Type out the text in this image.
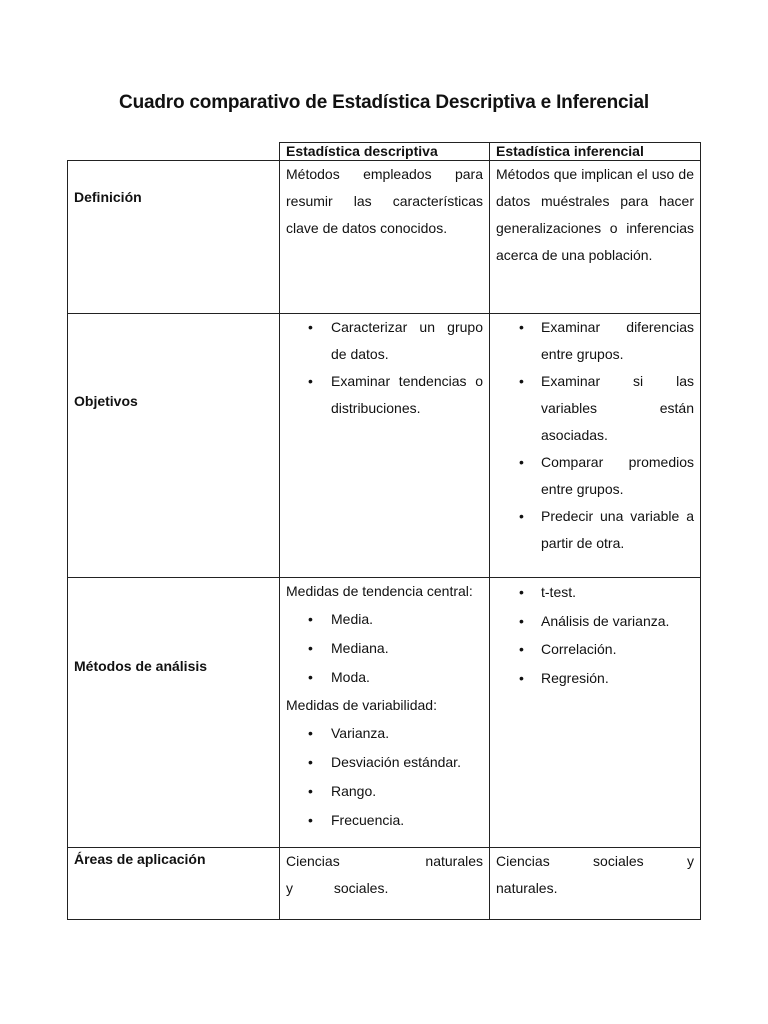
Cuadro comparativo de Estadística Descriptiva e Inferencial
Estadística descriptiva	Estadística inferencial
Definición
Métodos empleados para resumir las características clave de datos conocidos.
Métodos que implican el uso de datos muéstrales para hacer generalizaciones o inferencias acerca de una población.
Objetivos
• Caracterizar un grupo de datos.
• Examinar tendencias o distribuciones.
• Examinar diferencias entre grupos.
• Examinar si las variables están asociadas.
• Comparar promedios entre grupos.
• Predecir una variable a partir de otra.
Métodos de análisis
Medidas de tendencia central:
• Media.
• Mediana.
• Moda.
Medidas de variabilidad:
• Varianza.
• Desviación estándar.
• Rango.
• Frecuencia.
• t-test.
• Análisis de varianza.
• Correlación.
• Regresión.
Áreas de aplicación	Ciencias naturales y sociales.
Ciencias sociales y naturales.
